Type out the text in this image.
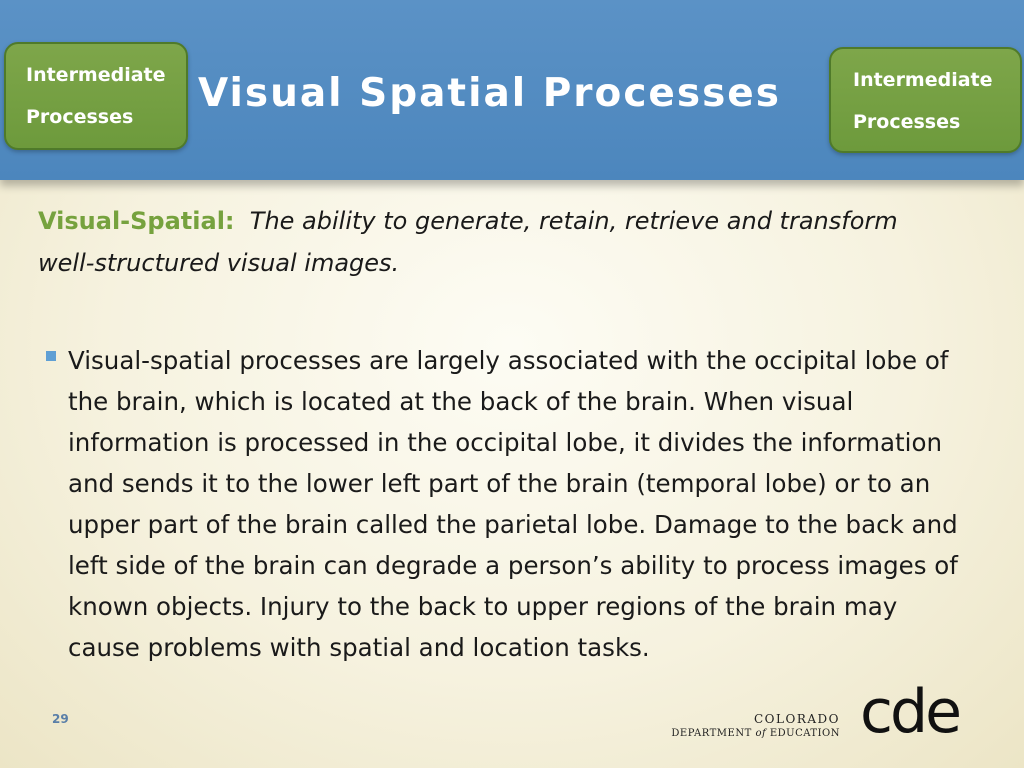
Intermediate
Processes
Visual Spatial Processes	Intermediate
Processes

Visual-Spatial: The ability to generate, retain, retrieve and transform well-structured visual images.

Visual-spatial processes are largely associated with the occipital lobe of the brain, which is located at the back of the brain. When visual information is processed in the occipital lobe, it divides the information and sends it to the lower left part of the brain (temporal lobe) or to an upper part of the brain called the parietal lobe. Damage to the back and left side of the brain can degrade a person’s ability to process images of known objects. Injury to the back to upper regions of the brain may cause problems with spatial and location tasks.

29	COLORADO
DEPARTMENT of EDUCATION cde
